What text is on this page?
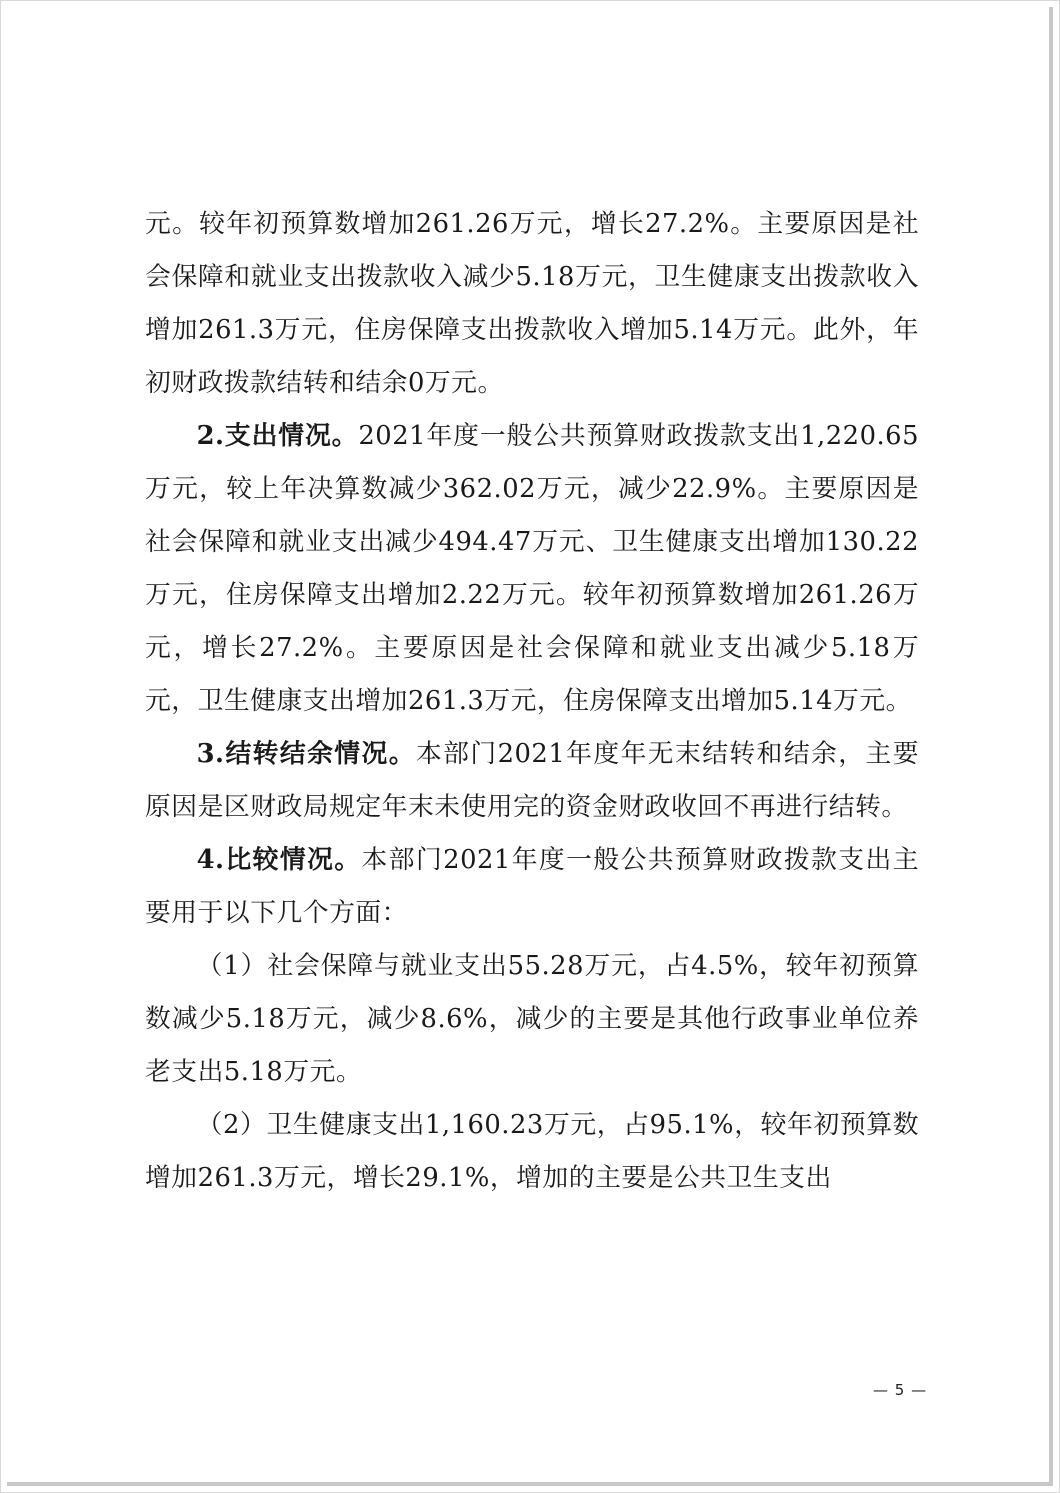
元。较年初预算数增加261.26万元，增长27.2%。主要原因是社会保障和就业支出拨款收入减少5.18万元，卫生健康支出拨款收入增加261.3万元，住房保障支出拨款收入增加5.14万元。此外，年初财政拨款结转和结余0万元。

2.支出情况。2021年度一般公共预算财政拨款支出1,220.65万元，较上年决算数减少362.02万元，减少22.9%。主要原因是社会保障和就业支出减少494.47万元、卫生健康支出增加130.22万元，住房保障支出增加2.22万元。较年初预算数增加261.26万元，增长27.2%。主要原因是社会保障和就业支出减少5.18万元，卫生健康支出增加261.3万元，住房保障支出增加5.14万元。

3.结转结余情况。本部门2021年度年无末结转和结余，主要原因是区财政局规定年末未使用完的资金财政收回不再进行结转。

4.比较情况。本部门2021年度一般公共预算财政拨款支出主要用于以下几个方面：

（1）社会保障与就业支出55.28万元，占4.5%，较年初预算数减少5.18万元，减少8.6%，减少的主要是其他行政事业单位养老支出5.18万元。

（2）卫生健康支出1,160.23万元，占95.1%，较年初预算数增加261.3万元，增长29.1%，增加的主要是公共卫生支出

— 5 —
